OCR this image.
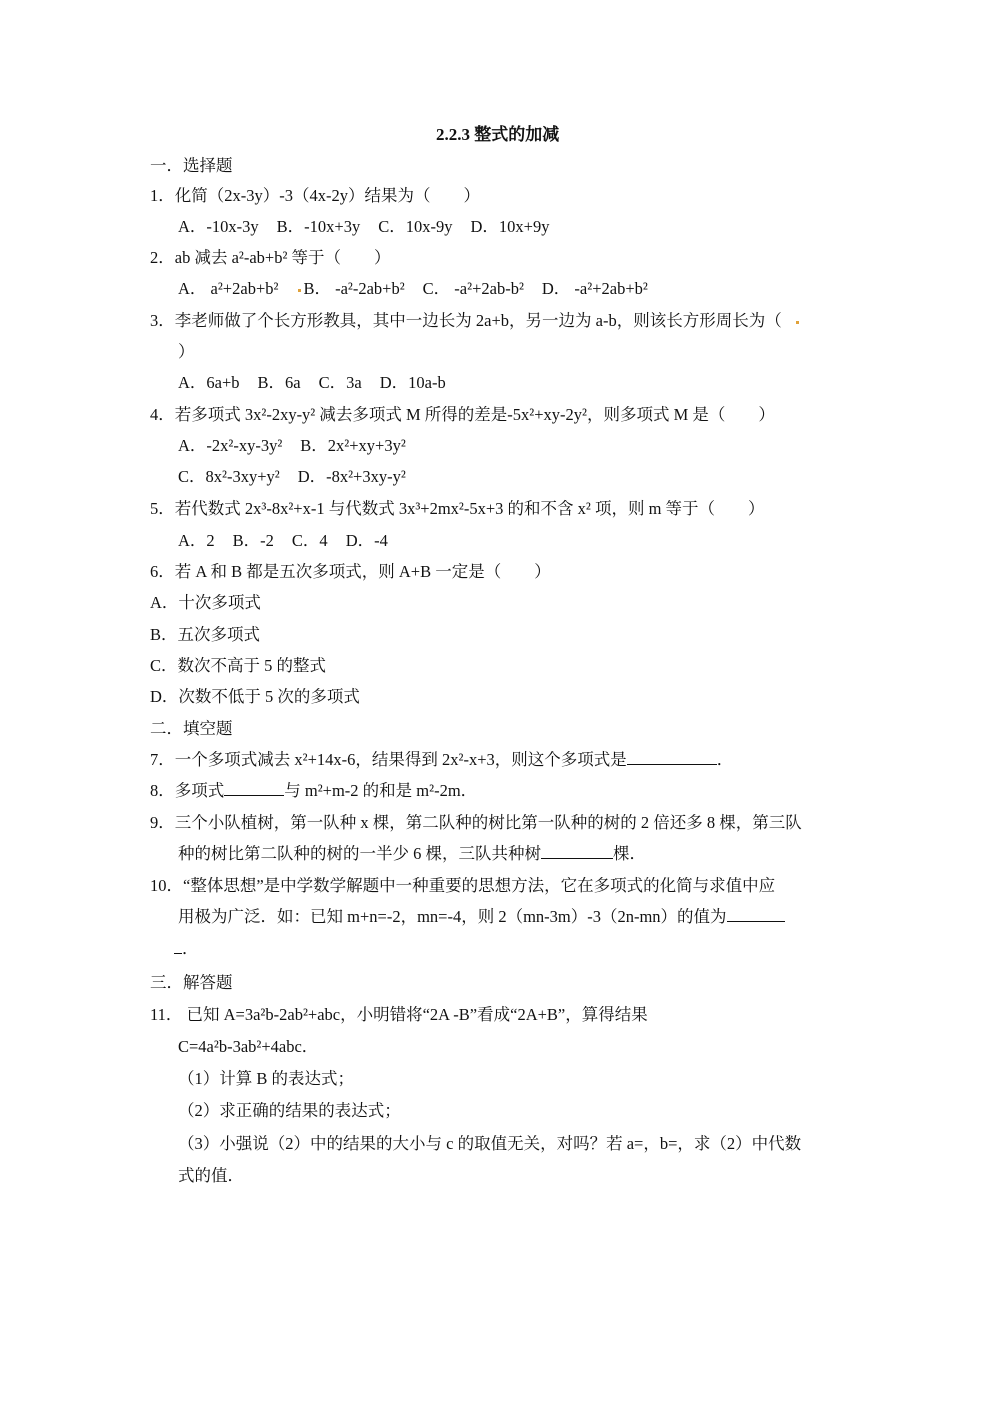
2.2.3 整式的加减
一．选择题
1．化简（2x-3y）-3（4x-2y）结果为（　　）
A．-10x-3y B．-10x+3y C．10x-9y D．10x+9y
2．ab 减去 a²-ab+b² 等于（　　）
A． a²+2ab+b² B． -a²-2ab+b² C． -a²+2ab-b² D． -a²+2ab+b²
3．李老师做了个长方形教具，其中一边长为 2a+b，另一边为 a-b，则该长方形周长为（
）
A．6a+b B．6a C．3a D．10a-b
4．若多项式 3x²-2xy-y² 减去多项式 M 所得的差是-5x²+xy-2y²，则多项式 M 是（　　）
A．-2x²-xy-3y² B．2x²+xy+3y²
C．8x²-3xy+y² D．-8x²+3xy-y²
5．若代数式 2x³-8x²+x-1 与代数式 3x³+2mx²-5x+3 的和不含 x² 项，则 m 等于（　　）
A．2 B．-2 C．4 D．-4
6．若 A 和 B 都是五次多项式，则 A+B 一定是（　　）
A．十次多项式
B．五次多项式
C．数次不高于 5 的整式
D．次数不低于 5 次的多项式
二．填空题
7．一个多项式减去 x²+14x-6，结果得到 2x²-x+3，则这个多项式是	．
8．多项式	与 m²+m-2 的和是 m²-2m．
9．三个小队植树，第一队种 x 棵，第二队种的树比第一队种的树的 2 倍还多 8 棵，第三队
种的树比第二队种的树的一半少 6 棵，三队共种树	棵．
10．“整体思想”是中学数学解题中一种重要的思想方法，它在多项式的化简与求值中应
用极为广泛．如：已知 m+n=-2，mn=-4，则 2（mn-3m）-3（2n-mn）的值为
．
三．解答题
11． 已知 A=3a²b-2ab²+abc，小明错将“2A -B”看成“2A+B”，算得结果
C=4a²b-3ab²+4abc．
（1）计算 B 的表达式；
（2）求正确的结果的表达式；
（3）小强说（2）中的结果的大小与 c 的取值无关，对吗？若 a=，b=，求（2）中代数
式的值．
